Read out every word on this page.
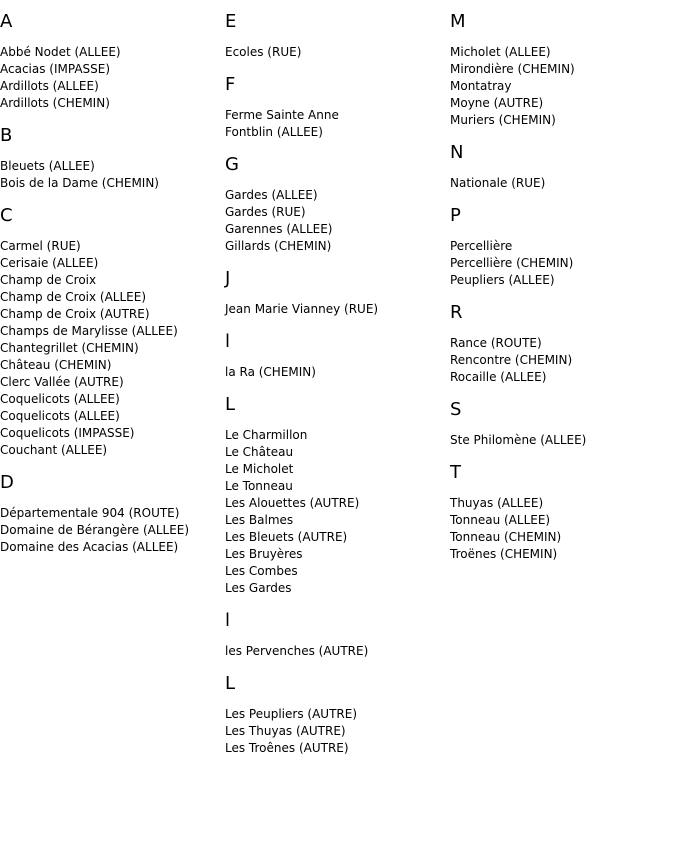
A
Abbé Nodet (ALLEE)
Acacias (IMPASSE)
Ardillots (ALLEE)
Ardillots (CHEMIN)
B
Bleuets (ALLEE)
Bois de la Dame (CHEMIN)
C
Carmel (RUE)
Cerisaie (ALLEE)
Champ de Croix
Champ de Croix (ALLEE)
Champ de Croix (AUTRE)
Champs de Marylisse (ALLEE)
Chantegrillet (CHEMIN)
Château (CHEMIN)
Clerc Vallée (AUTRE)
Coquelicots (ALLEE)
Coquelicots (ALLEE)
Coquelicots (IMPASSE)
Couchant (ALLEE)
D
Départementale 904 (ROUTE)
Domaine de Bérangère (ALLEE)
Domaine des Acacias (ALLEE)
E
Ecoles (RUE)
F
Ferme Sainte Anne
Fontblin (ALLEE)
G
Gardes (ALLEE)
Gardes (RUE)
Garennes (ALLEE)
Gillards (CHEMIN)
J
Jean Marie Vianney (RUE)
l
la Ra (CHEMIN)
L
Le Charmillon
Le Château
Le Micholet
Le Tonneau
Les Alouettes (AUTRE)
Les Balmes
Les Bleuets (AUTRE)
Les Bruyères
Les Combes
Les Gardes
l
les Pervenches (AUTRE)
L
Les Peupliers (AUTRE)
Les Thuyas (AUTRE)
Les Troênes (AUTRE)
M
Micholet (ALLEE)
Mirondière (CHEMIN)
Montatray
Moyne (AUTRE)
Muriers (CHEMIN)
N
Nationale (RUE)
P
Percellière
Percellière (CHEMIN)
Peupliers (ALLEE)
R
Rance (ROUTE)
Rencontre (CHEMIN)
Rocaille (ALLEE)
S
Ste Philomène (ALLEE)
T
Thuyas (ALLEE)
Tonneau (ALLEE)
Tonneau (CHEMIN)
Troënes (CHEMIN)
